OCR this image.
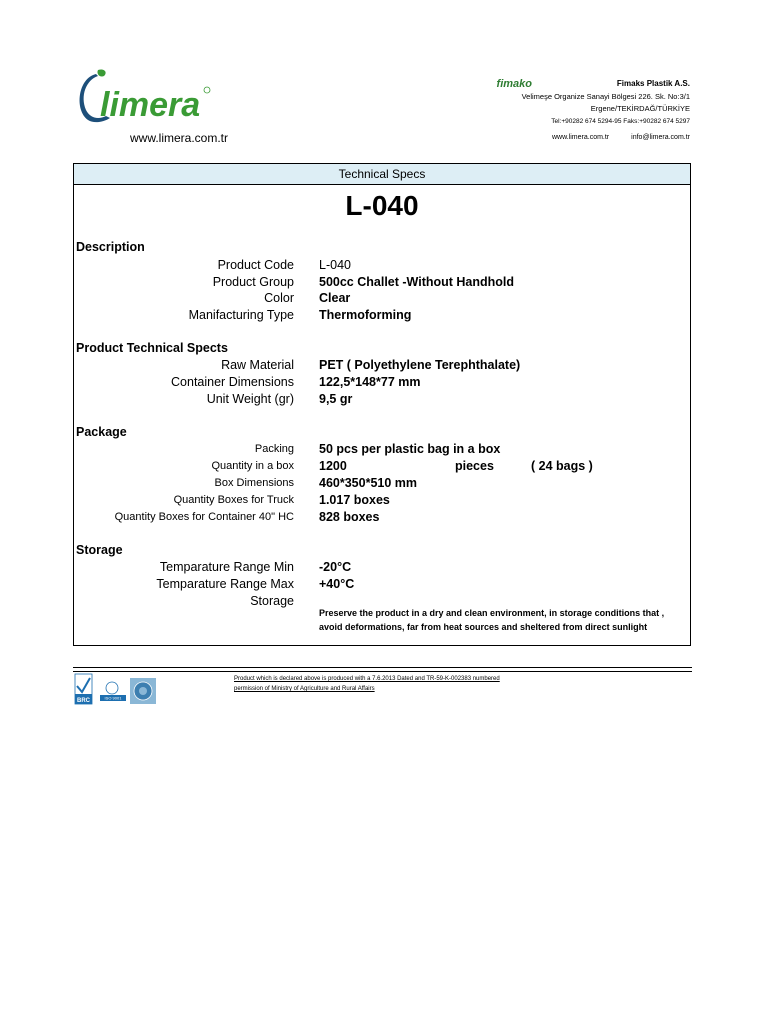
limera
www.limera.com.tr
fimako	Fimaks Plastik A.S.
Velimeşe Organize Sanayi Bölgesi 226. Sk. No:3/1
Ergene/TEKİRDAĞ/TÜRKİYE
Tel:+90282 674 5294-95 Faks:+90282 674 5297
www.limera.com.tr	info@limera.com.tr
Technical Specs
L-040
Description
Product Code L-040
Product Group 500cc Challet -Without Handhold
Color Clear
Manifacturing Type Thermoforming
Product Technical Spects
Raw Material PET ( Polyethylene Terephthalate)
Container Dimensions 122,5*148*77 mm
Unit Weight (gr) 9,5 gr
Package
Packing 50 pcs per plastic bag in a box
Quantity in a box 1200	pieces	( 24 bags )
Box Dimensions 460*350*510 mm
Quantity Boxes for Truck 1.017 boxes
Quantity Boxes for Container 40" HC 828 boxes
Storage
Temparature Range Min -20°C
Temparature Range Max +40°C
Storage
Preserve the product in a dry and clean environment, in storage conditions that ,
avoid deformations, far from heat sources and sheltered from direct sunlight
BRC	ISO 9001
Product which is declared above is produced with a 7.6.2013 Dated and TR-59-K-002383 numbered
permission of Ministry of Agriculture and Rural Affairs
